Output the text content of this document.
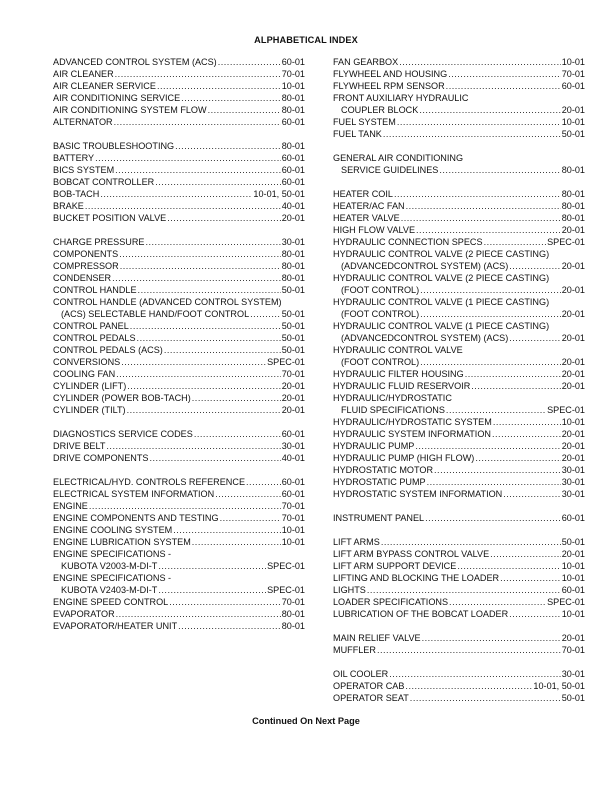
ALPHABETICAL INDEX
ADVANCED CONTROL SYSTEM (ACS) .....	60-01
AIR CLEANER .....	70-01
AIR CLEANER SERVICE .....	10-01
AIR CONDITIONING SERVICE .....	80-01
AIR CONDITIONING SYSTEM FLOW .....	80-01
ALTERNATOR .....	60-01
BASIC TROUBLESHOOTING .....	80-01
BATTERY .....	60-01
BICS SYSTEM .....	60-01
BOBCAT CONTROLLER .....	60-01
BOB-TACH .....	10-01, 50-01
BRAKE .....	40-01
BUCKET POSITION VALVE .....	20-01
CHARGE PRESSURE .....	30-01
COMPONENTS .....	80-01
COMPRESSOR .....	80-01
CONDENSER .....	80-01
CONTROL HANDLE .....	50-01
CONTROL HANDLE (ADVANCED CONTROL SYSTEM)
(ACS) SELECTABLE HAND/FOOT CONTROL .....	50-01
CONTROL PANEL .....	50-01
CONTROL PEDALS .....	50-01
CONTROL PEDALS (ACS) .....	50-01
CONVERSIONS .....	SPEC-01
COOLING FAN .....	70-01
CYLINDER (LIFT) .....	20-01
CYLINDER (POWER BOB-TACH) .....	20-01
CYLINDER (TILT) .....	20-01
DIAGNOSTICS SERVICE CODES .....	60-01
DRIVE BELT .....	30-01
DRIVE COMPONENTS .....	40-01
ELECTRICAL/HYD. CONTROLS REFERENCE .....	60-01
ELECTRICAL SYSTEM INFORMATION .....	60-01
ENGINE .....	70-01
ENGINE COMPONENTS AND TESTING .....	70-01
ENGINE COOLING SYSTEM .....	10-01
ENGINE LUBRICATION SYSTEM .....	10-01
ENGINE SPECIFICATIONS -
KUBOTA V2003-M-DI-T .....	SPEC-01
ENGINE SPECIFICATIONS -
KUBOTA V2403-M-DI-T .....	SPEC-01
ENGINE SPEED CONTROL .....	70-01
EVAPORATOR .....	80-01
EVAPORATOR/HEATER UNIT .....	80-01
FAN GEARBOX .....	10-01
FLYWHEEL AND HOUSING .....	70-01
FLYWHEEL RPM SENSOR .....	60-01
FRONT AUXILIARY HYDRAULIC
COUPLER BLOCK .....	20-01
FUEL SYSTEM .....	10-01
FUEL TANK .....	50-01
GENERAL AIR CONDITIONING
SERVICE GUIDELINES .....	80-01
HEATER COIL .....	80-01
HEATER/AC FAN .....	80-01
HEATER VALVE .....	80-01
HIGH FLOW VALVE .....	20-01
HYDRAULIC CONNECTION SPECS .....	SPEC-01
HYDRAULIC CONTROL VALVE (2 PIECE CASTING)
(ADVANCEDCONTROL SYSTEM) (ACS) .....	20-01
HYDRAULIC CONTROL VALVE (2 PIECE CASTING)
(FOOT CONTROL) .....	20-01
HYDRAULIC CONTROL VALVE (1 PIECE CASTING)
(FOOT CONTROL) .....	20-01
HYDRAULIC CONTROL VALVE (1 PIECE CASTING)
(ADVANCEDCONTROL SYSTEM) (ACS) .....	20-01
HYDRAULIC CONTROL VALVE
(FOOT CONTROL) .....	20-01
HYDRAULIC FILTER HOUSING .....	20-01
HYDRAULIC FLUID RESERVOIR .....	20-01
HYDRAULIC/HYDROSTATIC
FLUID SPECIFICATIONS .....	SPEC-01
HYDRAULIC/HYDROSTATIC SYSTEM .....	10-01
HYDRAULIC SYSTEM INFORMATION .....	20-01
HYDRAULIC PUMP .....	20-01
HYDRAULIC PUMP (HIGH FLOW) .....	20-01
HYDROSTATIC MOTOR .....	30-01
HYDROSTATIC PUMP .....	30-01
HYDROSTATIC SYSTEM INFORMATION .....	30-01
INSTRUMENT PANEL .....	60-01
LIFT ARMS .....	50-01
LIFT ARM BYPASS CONTROL VALVE .....	20-01
LIFT ARM SUPPORT DEVICE .....	10-01
LIFTING AND BLOCKING THE LOADER .....	10-01
LIGHTS .....	60-01
LOADER SPECIFICATIONS .....	SPEC-01
LUBRICATION OF THE BOBCAT LOADER .....	10-01
MAIN RELIEF VALVE .....	20-01
MUFFLER .....	70-01
OIL COOLER .....	30-01
OPERATOR CAB .....	10-01, 50-01
OPERATOR SEAT .....	50-01
Continued On Next Page
